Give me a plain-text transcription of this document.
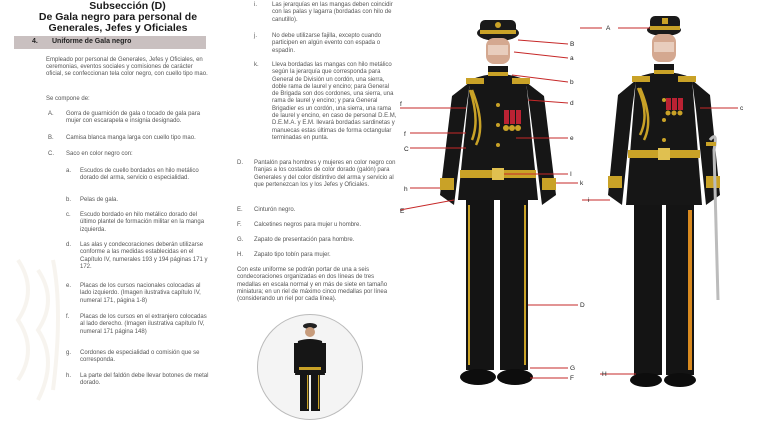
Subsección (D)
De Gala negro para personal de Generales, Jefes y Oficiales
4. Uniforme de Gala negro
Empleado por personal de Generales, Jefes y Oficiales, en ceremonias, eventos sociales y comisiones de carácter oficial, se confeccionan tela color negro, con cuello tipo mao.
Se compone de:
A. Gorra de guarnición de gala o tocado de gala para mujer con escarapela e insignia designado.
B. Camisa blanca manga larga con cuello tipo mao.
C. Saco en color negro con:
a. Escudos de cuello bordados en hilo metálico dorado del arma, servicio o especialidad.
b. Pelas de gala.
c. Escudo bordado en hilo metálico dorado del último plantel de formación militar en la manga izquierda.
d. Las alas y condecoraciones deberán utilizarse conforme a las medidas establecidas en el Capítulo IV, numerales 193 y 194 páginas 171 y 172.
e. Placas de los cursos nacionales colocadas al lado izquierdo. (Imagen ilustrativa capítulo IV, numeral 171, página 1-8)
f. Placas de los cursos en el extranjero colocadas al lado derecho. (Imagen ilustrativa capítulo IV, numeral 171 página 148)
g. Cordones de especialidad o comisión que se corresponda.
h. La parte del faldón debe llevar botones de metal dorado.
i.	Las jerarquías en las mangas deben coincidir con las palas y lagarra (bordadas con hilo de canutillo).
j.	No debe utilizarse fajilla, excepto cuando participen en algún evento con espada o espadín.
k. Lleva bordadas las mangas con hilo metálico según la jerarquía que corresponda para General de División un cordón, una sierra, doble rama de laurel y encino; para General de Brigada son dos cordones, una sierra, una rama de laurel y encino; y para General Brigadier es un cordón, una sierra, una rama de laurel y encino, en caso de personal D.E.M, D.E.M.A. y E.M. llevará bordadas sardinetas y manuecas estas últimas de forma octangular terminadas en punta.
D. Pantalón para hombres y mujeres en color negro con franjas a los costados de color dorado (galón) para Generales y del color distintivo del arma y servicio al que pertenezcan los y los Jefes y Oficiales.
E. Cinturón negro.
F. Calcetines negros para mujer u hombre.
G. Zapato de presentación para hombre.
H. Zapato tipo tobín para mujer.
Con este uniforme se podrán portar de una a seis condecoraciones organizadas en dos líneas de tres medallas en escala normal y en más de siete en tamaño miniatura; en un riel de máximo cinco medallas por línea (considerando un riel por cada línea).
B
a
b
d
f
f
e
C
I
h
E
k
D
G
F
A
c
i
H
